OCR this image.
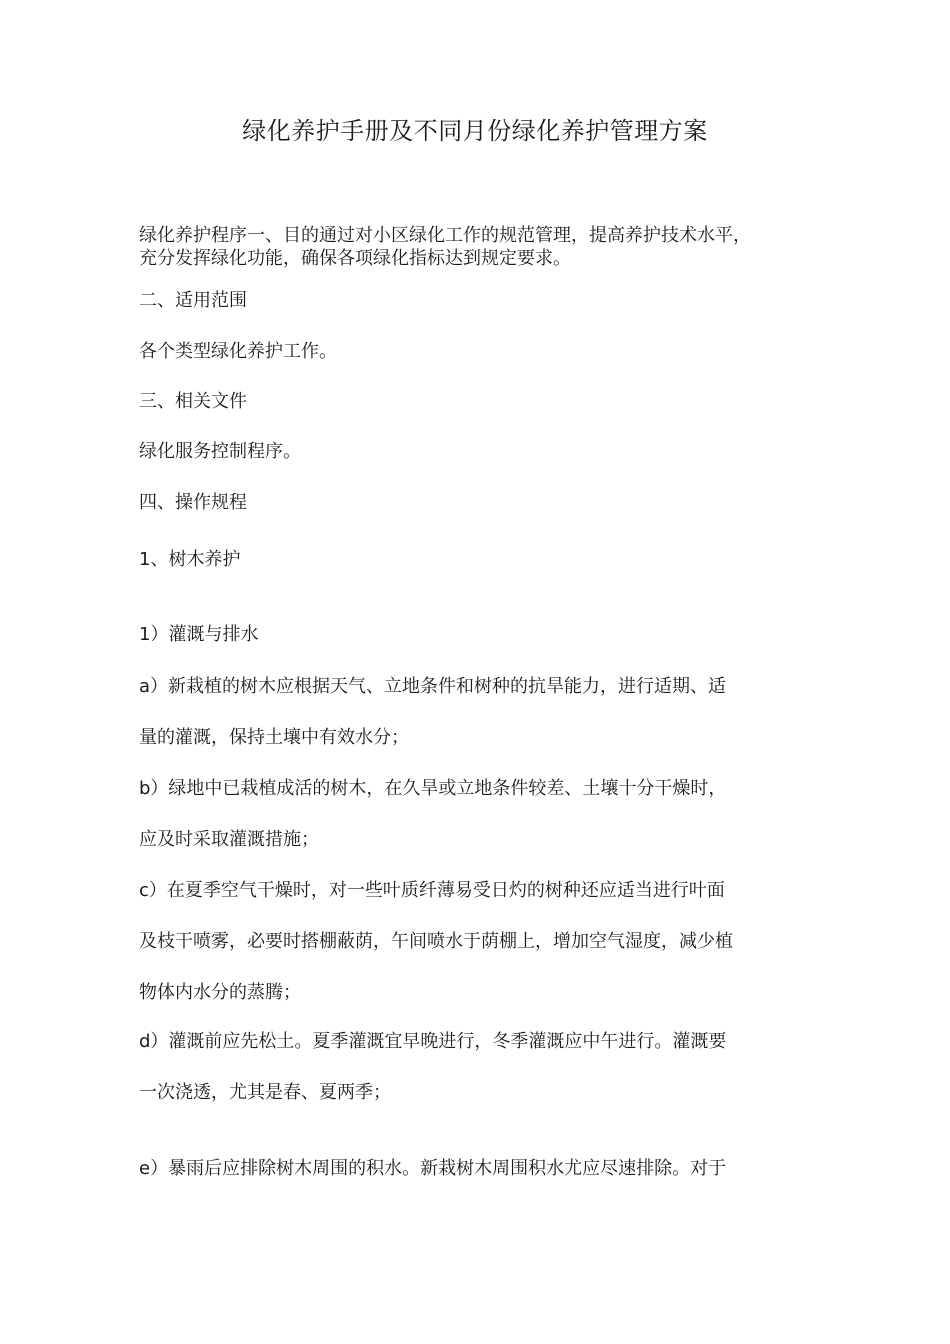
绿化养护手册及不同月份绿化养护管理方案
绿化养护程序一、目的通过对小区绿化工作的规范管理，提高养护技术水平，
充分发挥绿化功能，确保各项绿化指标达到规定要求。
二、适用范围
各个类型绿化养护工作。
三、相关文件
绿化服务控制程序。
四、操作规程
1、树木养护
1）灌溉与排水
a）新栽植的树木应根据天气、立地条件和树种的抗旱能力，进行适期、适
量的灌溉，保持土壤中有效水分；
b）绿地中已栽植成活的树木，在久旱或立地条件较差、土壤十分干燥时，
应及时采取灌溉措施；
c）在夏季空气干燥时，对一些叶质纤薄易受日灼的树种还应适当进行叶面
及枝干喷雾，必要时搭棚蔽荫，午间喷水于荫棚上，增加空气湿度，减少植
物体内水分的蒸腾；
d）灌溉前应先松土。夏季灌溉宜早晚进行，冬季灌溉应中午进行。灌溉要
一次浇透，尤其是春、夏两季；
e）暴雨后应排除树木周围的积水。新栽树木周围积水尤应尽速排除。对于
